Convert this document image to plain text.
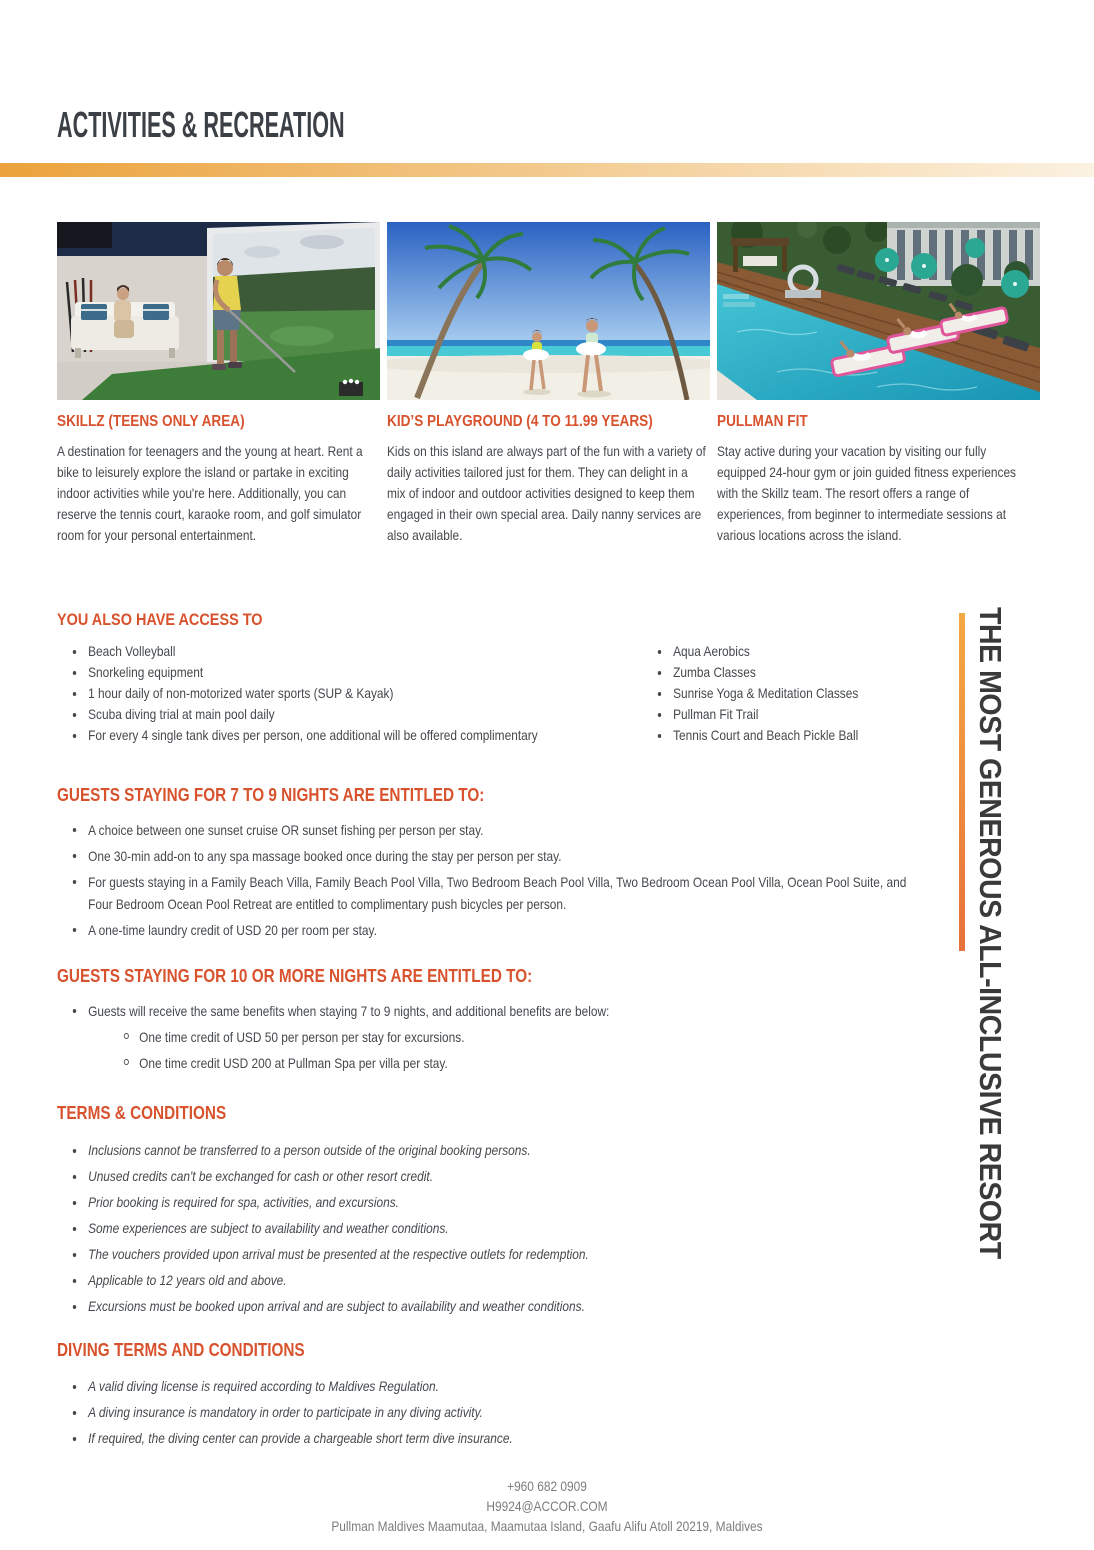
ACTIVITIES & RECREATION
SKILLZ (TEENS ONLY AREA)

A destination for teenagers and the young at heart. Rent a bike to leisurely explore the island or partake in exciting indoor activities while you're here. Additionally, you can reserve the tennis court, karaoke room, and golf simulator room for your personal entertainment.

KID’S PLAYGROUND (4 TO 11.99 YEARS)

Kids on this island are always part of the fun with a variety of daily activities tailored just for them. They can delight in a mix of indoor and outdoor activities designed to keep them engaged in their own special area. Daily nanny services are also available.

PULLMAN FIT

Stay active during your vacation by visiting our fully equipped 24-hour gym or join guided fitness experiences with the Skillz team. The resort offers a range of experiences, from beginner to intermediate sessions at various locations across the island.

YOU ALSO HAVE ACCESS TO
Beach Volleyball
Snorkeling equipment
1 hour daily of non-motorized water sports (SUP & Kayak)
Scuba diving trial at main pool daily
For every 4 single tank dives per person, one additional will be offered complimentary
Aqua Aerobics
Zumba Classes
Sunrise Yoga & Meditation Classes
Pullman Fit Trail
Tennis Court and Beach Pickle Ball
GUESTS STAYING FOR 7 TO 9 NIGHTS ARE ENTITLED TO:
A choice between one sunset cruise OR sunset fishing per person per stay.
One 30-min add-on to any spa massage booked once during the stay per person per stay.
For guests staying in a Family Beach Villa, Family Beach Pool Villa, Two Bedroom Beach Pool Villa, Two Bedroom Ocean Pool Villa, Ocean Pool Suite, and Four Bedroom Ocean Pool Retreat are entitled to complimentary push bicycles per person.
A one-time laundry credit of USD 20 per room per stay.
GUESTS STAYING FOR 10 OR MORE NIGHTS ARE ENTITLED TO:
Guests will receive the same benefits when staying 7 to 9 nights, and additional benefits are below:
One time credit of USD 50 per person per stay for excursions.
One time credit USD 200 at Pullman Spa per villa per stay.
TERMS & CONDITIONS
Inclusions cannot be transferred to a person outside of the original booking persons.
Unused credits can't be exchanged for cash or other resort credit.
Prior booking is required for spa, activities, and excursions.
Some experiences are subject to availability and weather conditions.
The vouchers provided upon arrival must be presented at the respective outlets for redemption.
Applicable to 12 years old and above.
Excursions must be booked upon arrival and are subject to availability and weather conditions.
DIVING TERMS AND CONDITIONS
A valid diving license is required according to Maldives Regulation.
A diving insurance is mandatory in order to participate in any diving activity.
If required, the diving center can provide a chargeable short term dive insurance.
THE MOST GENEROUS ALL-INCLUSIVE RESORT
+960 682 0909
H9924@ACCOR.COM
Pullman Maldives Maamutaa, Maamutaa Island, Gaafu Alifu Atoll 20219, Maldives
